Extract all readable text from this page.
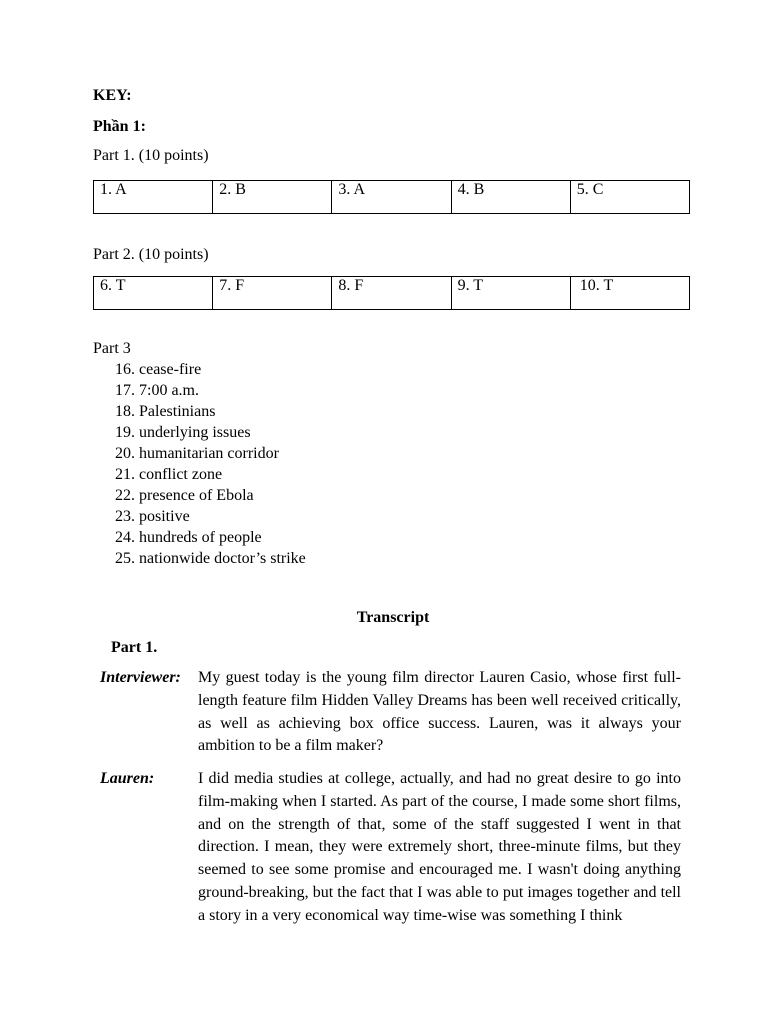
KEY:
Phần 1:
Part 1. (10 points)
1. A	2. B	3. A	4. B	5. C
Part 2. (10 points)
6. T	7. F	8. F	9. T	10. T
Part 3
16. cease-fire
17. 7:00 a.m.
18. Palestinians
19. underlying issues
20. humanitarian corridor
21. conflict zone
22. presence of Ebola
23. positive
24. hundreds of people
25. nationwide doctor’s strike
Transcript
Part 1.
Interviewer: My guest today is the young film director Lauren Casio, whose first full-length feature film Hidden Valley Dreams has been well received critically, as well as achieving box office success. Lauren, was it always your ambition to be a film maker?
Lauren:	I did media studies at college, actually, and had no great desire to go into film-making when I started. As part of the course, I made some short films, and on the strength of that, some of the staff suggested I went in that direction. I mean, they were extremely short, three-minute films, but they seemed to see some promise and encouraged me. I wasn't doing anything ground-breaking, but the fact that I was able to put images together and tell a story in a very economical way time-wise was something I think
